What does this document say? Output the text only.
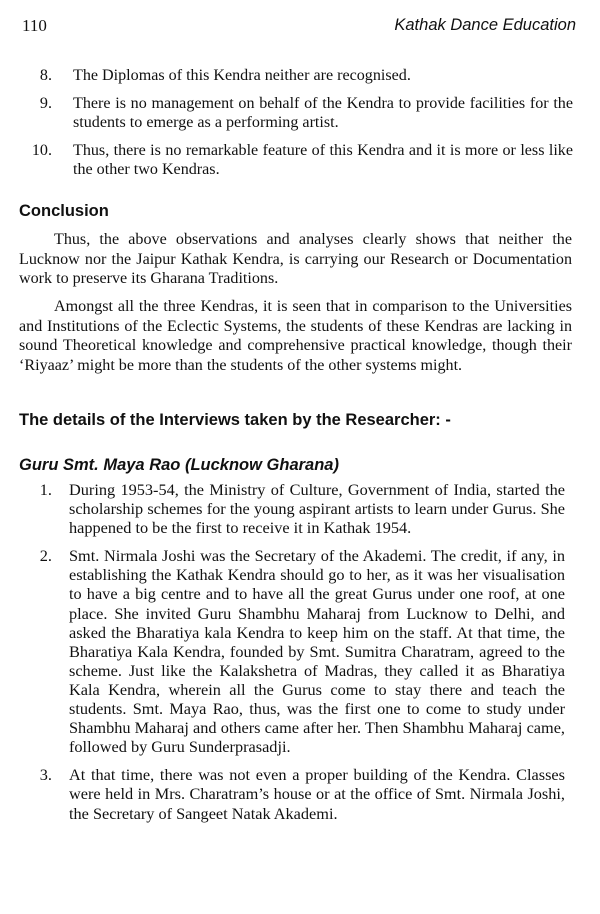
110	Kathak Dance Education

8. The Diplomas of this Kendra neither are recognised.

9. There is no management on behalf of the Kendra to provide facilities for the students to emerge as a performing artist.

10. Thus, there is no remarkable feature of this Kendra and it is more or less like the other two Kendras.

Conclusion

Thus, the above observations and analyses clearly shows that neither the Lucknow nor the Jaipur Kathak Kendra, is carrying our Research or Documentation work to preserve its Gharana Traditions.

Amongst all the three Kendras, it is seen that in comparison to the Universities and Institutions of the Eclectic Systems, the students of these Kendras are lacking in sound Theoretical knowledge and comprehensive practical knowledge, though their ‘Riyaaz’ might be more than the students of the other systems might.

The details of the Interviews taken by the Researcher: -
Guru Smt. Maya Rao (Lucknow Gharana)

1. During 1953-54, the Ministry of Culture, Government of India, started the scholarship schemes for the young aspirant artists to learn under Gurus. She happened to be the first to receive it in Kathak 1954.

2. Smt. Nirmala Joshi was the Secretary of the Akademi. The credit, if any, in establishing the Kathak Kendra should go to her, as it was her visualisation to have a big centre and to have all the great Gurus under one roof, at one place. She invited Guru Shambhu Maharaj from Lucknow to Delhi, and asked the Bharatiya kala Kendra to keep him on the staff. At that time, the Bharatiya Kala Kendra, founded by Smt. Sumitra Charatram, agreed to the scheme. Just like the Kalakshetra of Madras, they called it as Bharatiya Kala Kendra, wherein all the Gurus come to stay there and teach the students. Smt. Maya Rao, thus, was the first one to come to study under Shambhu Maharaj and others came after her. Then Shambhu Maharaj came, followed by Guru Sunderprasadji.

3. At that time, there was not even a proper building of the Kendra. Classes were held in Mrs. Charatram’s house or at the office of Smt. Nirmala Joshi, the Secretary of Sangeet Natak Akademi.
